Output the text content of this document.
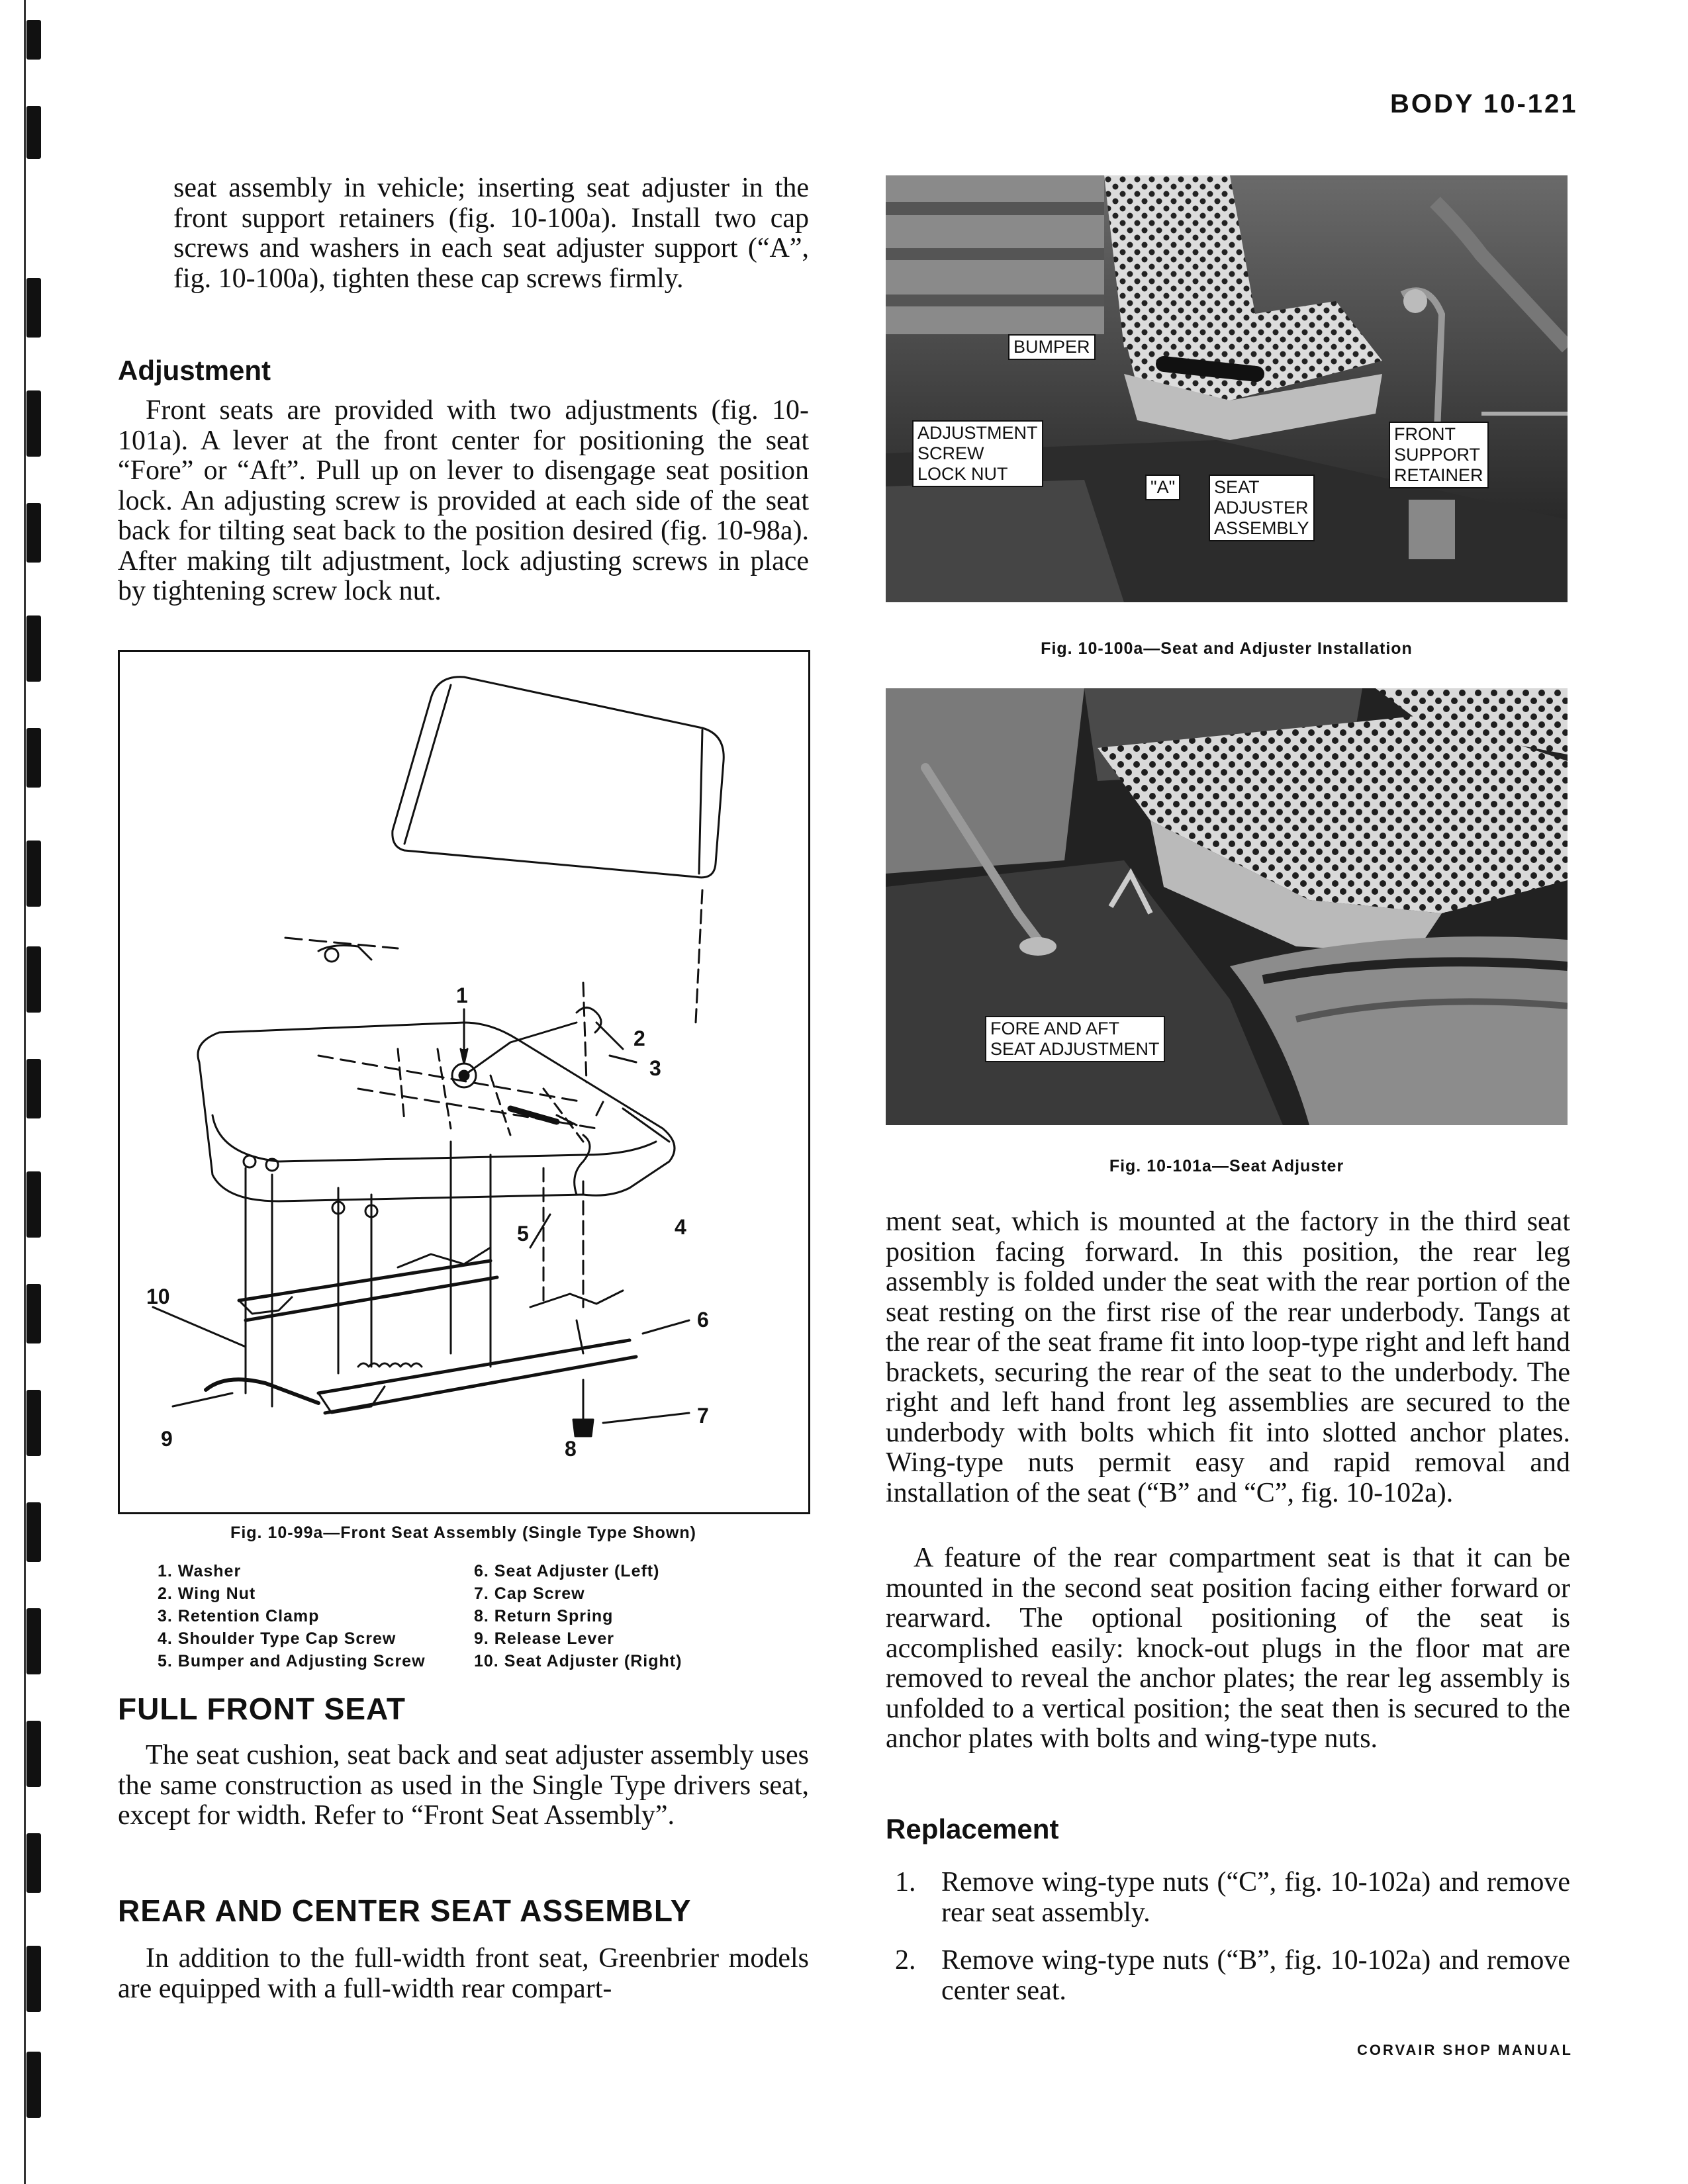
BODY 10-121
seat assembly in vehicle; inserting seat adjuster in the front support retainers (fig. 10-100a). Install two cap screws and washers in each seat adjuster support (“A”, fig. 10-100a), tighten these cap screws firmly.
Adjustment
Front seats are provided with two adjustments (fig. 10-101a). A lever at the front center for positioning the seat “Fore” or “Aft”. Pull up on lever to disengage seat position lock. An adjusting screw is provided at each side of the seat back for tilting seat back to the position desired (fig. 10-98a). After making tilt adjustment, lock adjusting screws in place by tightening screw lock nut.
1
2
3
4
5
6
7
8
9
10
Fig. 10-99a—Front Seat Assembly (Single Type Shown)
1. Washer
2. Wing Nut
3. Retention Clamp
4. Shoulder Type Cap Screw
5. Bumper and Adjusting Screw
6. Seat Adjuster (Left)
7. Cap Screw
8. Return Spring
9. Release Lever
10. Seat Adjuster (Right)
FULL FRONT SEAT
The seat cushion, seat back and seat adjuster assembly uses the same construction as used in the Single Type drivers seat, except for width. Refer to “Front Seat Assembly”.
REAR AND CENTER SEAT ASSEMBLY
In addition to the full-width front seat, Greenbrier models are equipped with a full-width rear compart-
BUMPER
ADJUSTMENT
SCREW
LOCK NUT
"A" SEAT
ADJUSTER
ASSEMBLY
FRONT
SUPPORT
RETAINER
Fig. 10-100a—Seat and Adjuster Installation
FORE AND AFT
SEAT ADJUSTMENT
Fig. 10-101a—Seat Adjuster
ment seat, which is mounted at the factory in the third seat position facing forward. In this position, the rear leg assembly is folded under the seat with the rear portion of the seat resting on the first rise of the rear underbody. Tangs at the rear of the seat frame fit into loop-type right and left hand brackets, securing the rear of the seat to the underbody. The right and left hand front leg assemblies are secured to the underbody with bolts which fit into slotted anchor plates. Wing-type nuts permit easy and rapid removal and installation of the seat (“B” and “C”, fig. 10-102a).
A feature of the rear compartment seat is that it can be mounted in the second seat position facing either forward or rearward. The optional positioning of the seat is accomplished easily: knock-out plugs in the floor mat are removed to reveal the anchor plates; the rear leg assembly is unfolded to a vertical position; the seat then is secured to the anchor plates with bolts and wing-type nuts.
Replacement
1. Remove wing-type nuts (“C”, fig. 10-102a) and remove rear seat assembly.
2. Remove wing-type nuts (“B”, fig. 10-102a) and remove center seat.
CORVAIR SHOP MANUAL
